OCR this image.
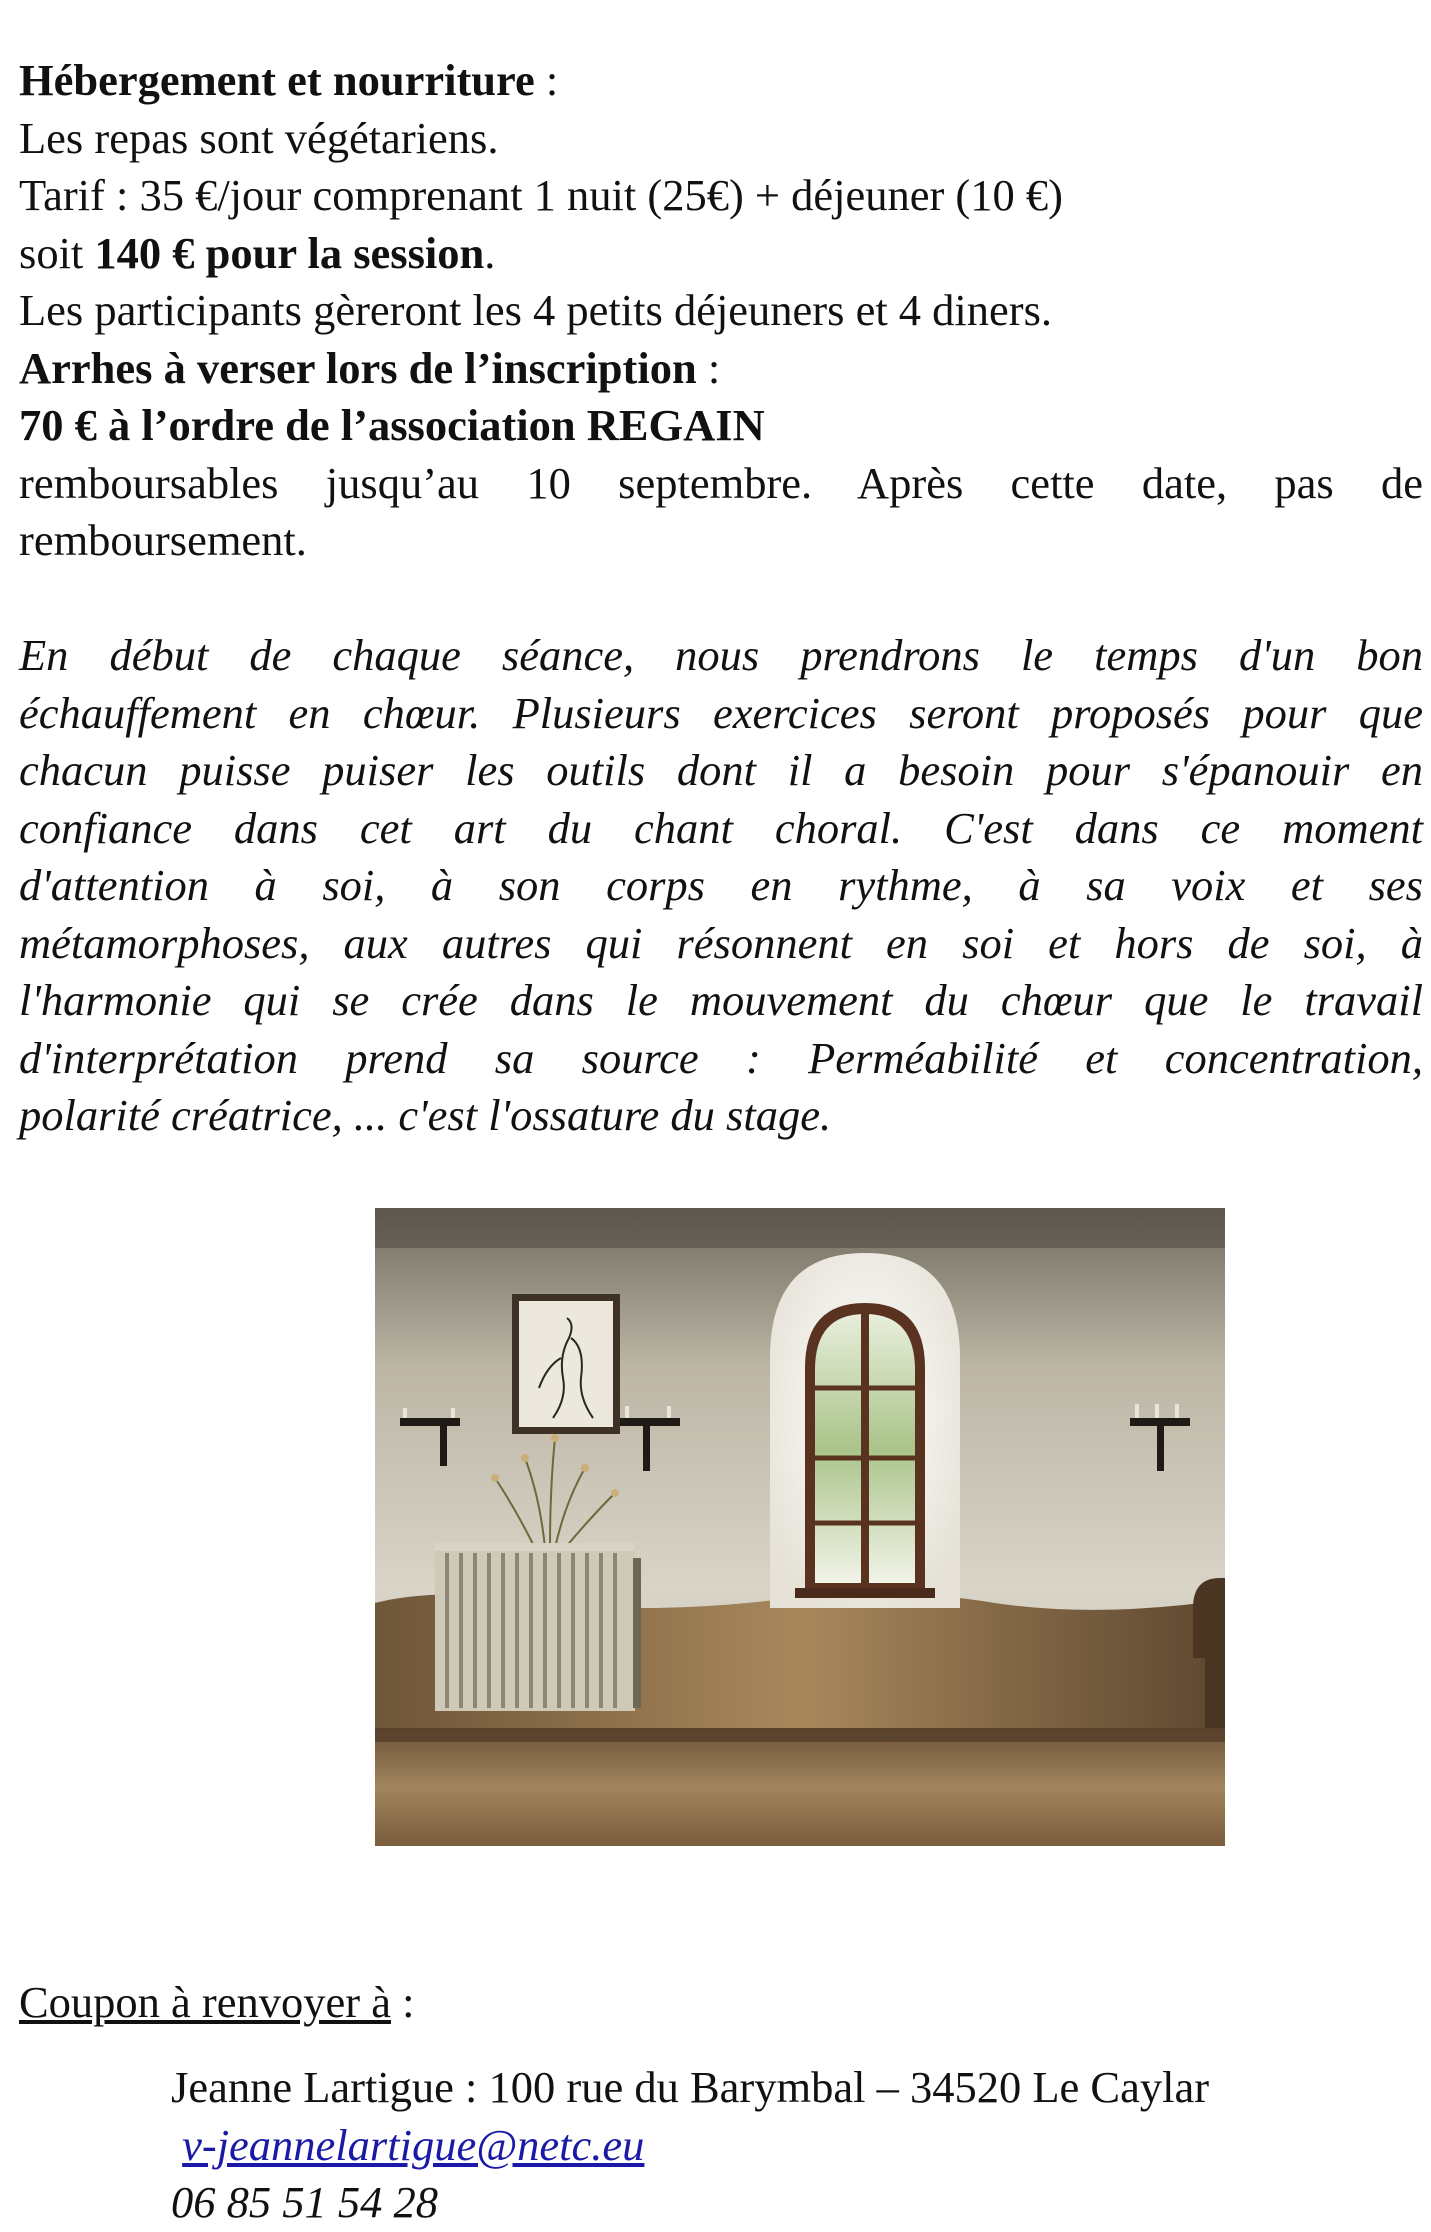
Hébergement et nourriture :
Les repas sont végétariens.
Tarif : 35 €/jour comprenant 1 nuit (25€) + déjeuner (10 €)
soit 140 € pour la session.
Les participants gèreront les 4 petits déjeuners et 4 diners.
Arrhes à verser lors de l’inscription :
70 € à l’ordre de l’association REGAIN
remboursables jusqu’au 10 septembre. Après cette date, pas de
remboursement.
En début de chaque séance, nous prendrons le temps d'un bon
échauffement en chœur. Plusieurs exercices seront proposés pour que
chacun puisse puiser les outils dont il a besoin pour s'épanouir en
confiance dans cet art du chant choral. C'est dans ce moment
d'attention à soi, à son corps en rythme, à sa voix et ses
métamorphoses, aux autres qui résonnent en soi et hors de soi, à
l'harmonie qui se crée dans le mouvement du chœur que le travail
d'interprétation prend sa source : Perméabilité et concentration,
polarité créatrice, ... c'est l'ossature du stage.
Coupon à renvoyer à :
Jeanne Lartigue : 100 rue du Barymbal – 34520 Le Caylar
v-jeannelartigue@netc.eu
06 85 51 54 28
